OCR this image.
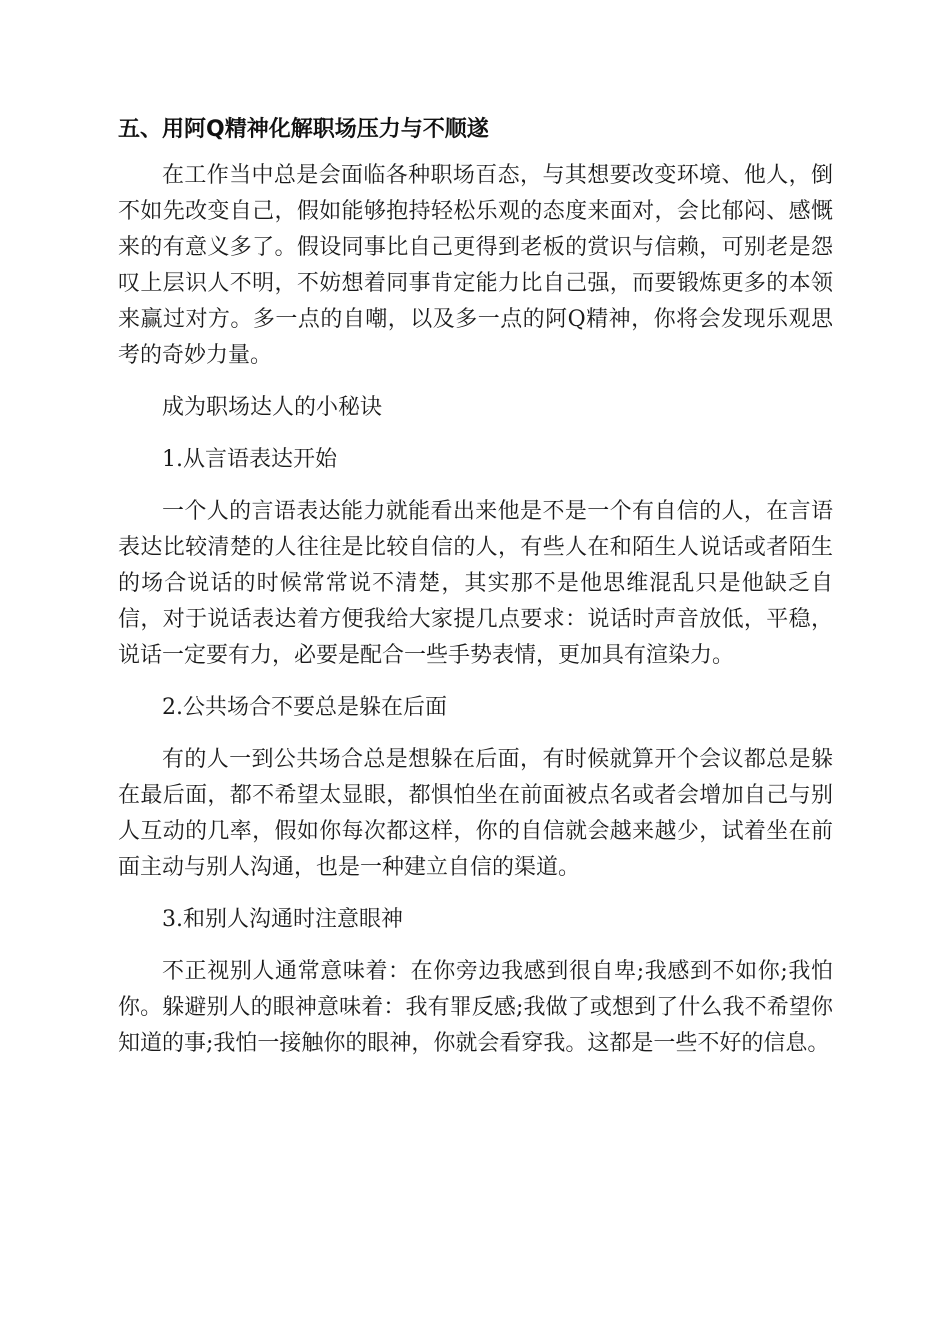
五、用阿Q精神化解职场压力与不顺遂

在工作当中总是会面临各种职场百态，与其想要改变环境、他人，倒不如先改变自己，假如能够抱持轻松乐观的态度来面对，会比郁闷、感慨来的有意义多了。假设同事比自己更得到老板的赏识与信赖，可别老是怨叹上层识人不明，不妨想着同事肯定能力比自己强，而要锻炼更多的本领来赢过对方。多一点的自嘲，以及多一点的阿Q精神，你将会发现乐观思考的奇妙力量。

成为职场达人的小秘诀

1.从言语表达开始

一个人的言语表达能力就能看出来他是不是一个有自信的人，在言语表达比较清楚的人往往是比较自信的人，有些人在和陌生人说话或者陌生的场合说话的时候常常说不清楚，其实那不是他思维混乱只是他缺乏自信，对于说话表达着方便我给大家提几点要求：说话时声音放低，平稳，说话一定要有力，必要是配合一些手势表情，更加具有渲染力。

2.公共场合不要总是躲在后面

有的人一到公共场合总是想躲在后面，有时候就算开个会议都总是躲在最后面，都不希望太显眼，都惧怕坐在前面被点名或者会增加自己与别人互动的几率，假如你每次都这样，你的自信就会越来越少，试着坐在前面主动与别人沟通，也是一种建立自信的渠道。

3.和别人沟通时注意眼神

不正视别人通常意味着：在你旁边我感到很自卑;我感到不如你;我怕你。躲避别人的眼神意味着：我有罪反感;我做了或想到了什么我不希望你知道的事;我怕一接触你的眼神，你就会看穿我。这都是一些不好的信息。
